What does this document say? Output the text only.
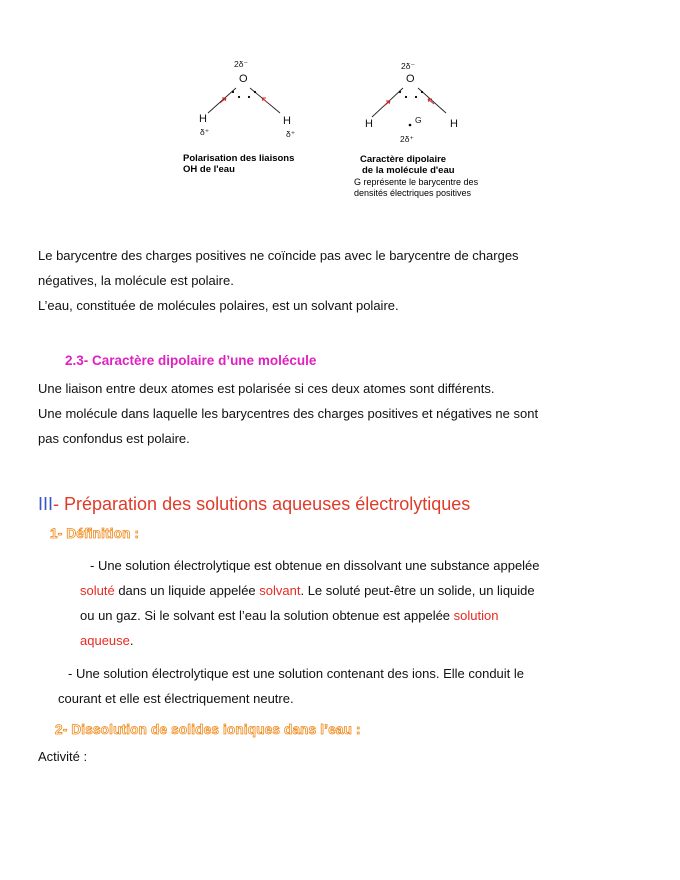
2δ⁻
O
H	H
δ⁺	δ⁺
Polarisation des liaisons
OH de l'eau
2δ⁻
O
H	H
G
2δ⁺
Caractère dipolaire
de la molécule d'eau
G représente le barycentre des
densités électriques positives
Le barycentre des charges positives ne coïncide pas avec le barycentre de charges
négatives, la molécule est polaire.
L’eau, constituée de molécules polaires, est un solvant polaire.
2.3- Caractère dipolaire d’une molécule
Une liaison entre deux atomes est polarisée si ces deux atomes sont différents.
Une molécule dans laquelle les barycentres des charges positives et négatives ne sont
pas confondus est polaire.
III- Préparation des solutions aqueuses électrolytiques
1- Définition :
- Une solution électrolytique est obtenue en dissolvant une substance appelée
soluté dans un liquide appelée solvant. Le soluté peut-être un solide, un liquide
ou un gaz. Si le solvant est l’eau la solution obtenue est appelée solution
aqueuse.
- Une solution électrolytique est une solution contenant des ions. Elle conduit le
courant et elle est électriquement neutre.
2- Dissolution de solides ioniques dans l’eau :
Activité :
